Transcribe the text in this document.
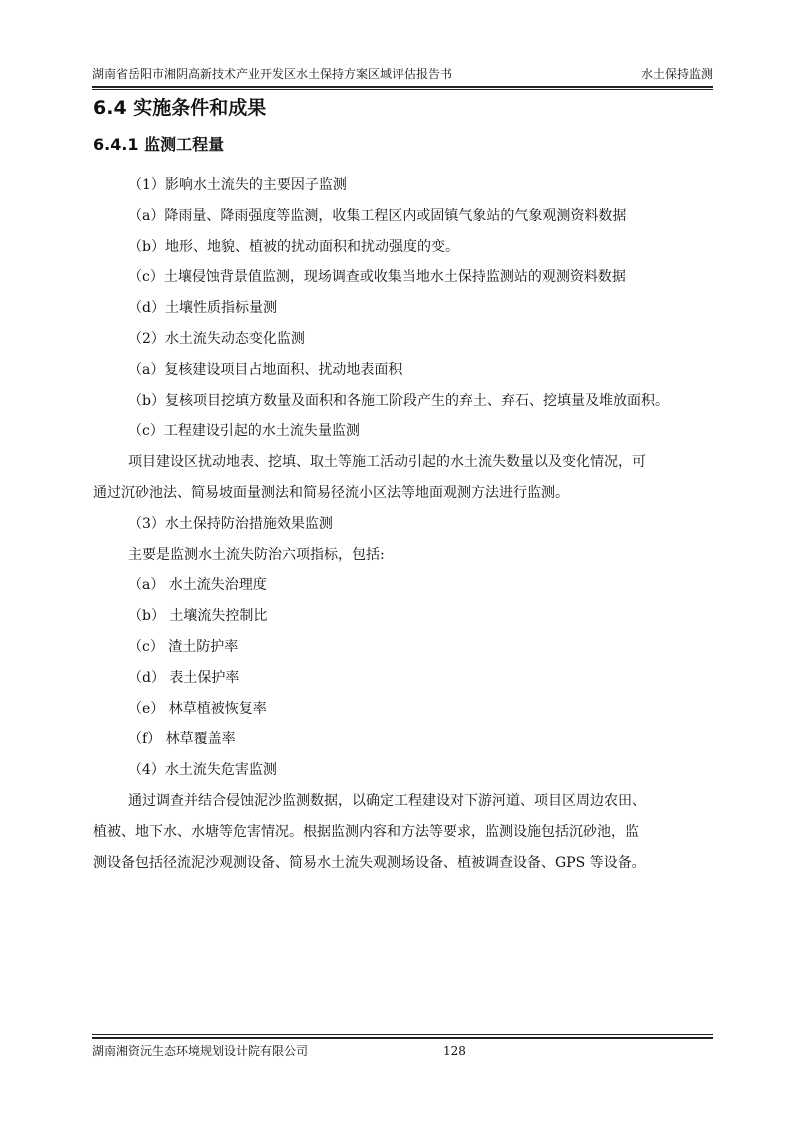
湖南省岳阳市湘阴高新技术产业开发区水土保持方案区域评估报告书	水土保持监测
6.4 实施条件和成果
6.4.1 监测工程量
（1）影响水土流失的主要因子监测
（a）降雨量、降雨强度等监测，收集工程区内或固镇气象站的气象观测资料数据
（b）地形、地貌、植被的扰动面积和扰动强度的变。
（c）土壤侵蚀背景值监测，现场调查或收集当地水土保持监测站的观测资料数据
（d）土壤性质指标量测
（2）水土流失动态变化监测
（a）复核建设项目占地面积、扰动地表面积
（b）复核项目挖填方数量及面积和各施工阶段产生的弃土、弃石、挖填量及堆放面积。
（c）工程建设引起的水土流失量监测
项目建设区扰动地表、挖填、取土等施工活动引起的水土流失数量以及变化情况，可
通过沉砂池法、简易坡面量测法和简易径流小区法等地面观测方法进行监测。
（3）水土保持防治措施效果监测
主要是监测水土流失防治六项指标，包括:
（a） 水土流失治理度
（b） 土壤流失控制比
（c） 渣土防护率
（d） 表土保护率
（e） 林草植被恢复率
（f） 林草覆盖率
（4）水土流失危害监测
通过调查并结合侵蚀泥沙监测数据，以确定工程建设对下游河道、项目区周边农田、
植被、地下水、水塘等危害情况。根据监测内容和方法等要求，监测设施包括沉砂池，监
测设备包括径流泥沙观测设备、简易水土流失观测场设备、植被调查设备、GPS 等设备。
湖南湘资沅生态环境规划设计院有限公司	128
